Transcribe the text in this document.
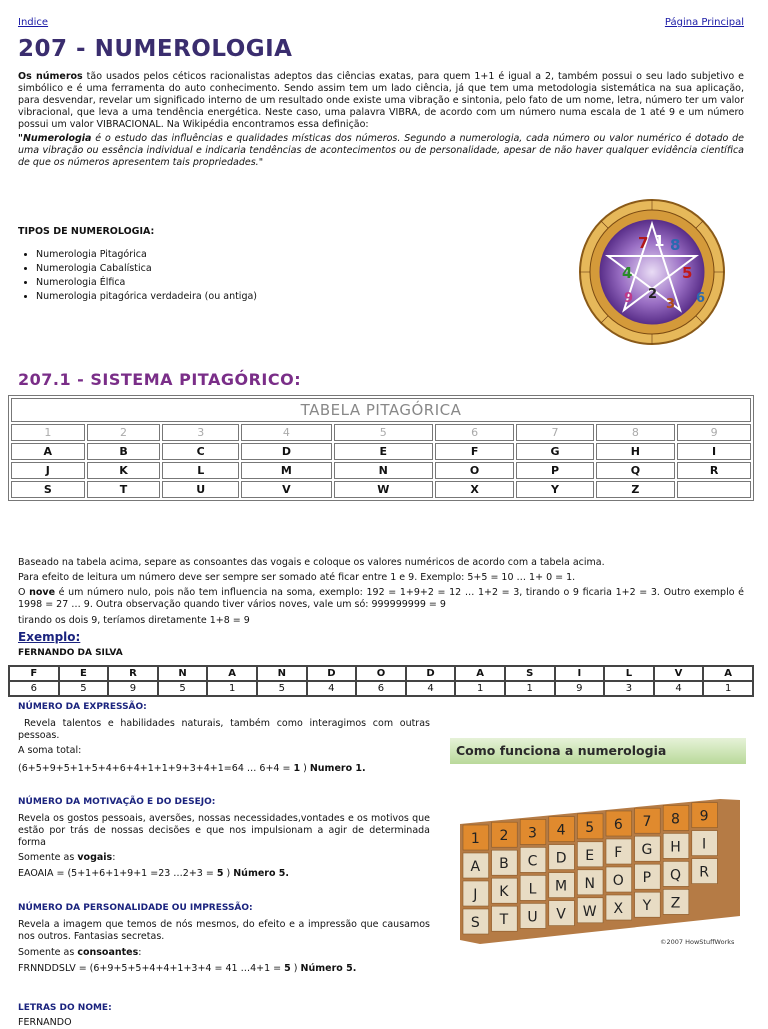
Indice	Página Principal
207 - NUMEROLOGIA
Os números tão usados pelos céticos racionalistas adeptos das ciências exatas, para quem 1+1 é igual a 2, também possui o seu lado subjetivo e simbólico e é uma ferramenta do auto conhecimento. Sendo assim tem um lado ciência, já que tem uma metodologia sistemática na sua aplicação, para desvendar, revelar um significado interno de um resultado onde existe uma vibração e sintonia, pelo fato de um nome, letra, número ter um valor vibracional, que leva a uma tendência energética. Neste caso, uma palavra VIBRA, de acordo com um número numa escala de 1 até 9 e um número possui um valor VIBRACIONAL. Na Wikipédia encontramos essa definição:
"Numerologia é o estudo das influências e qualidades místicas dos números. Segundo a numerologia, cada número ou valor numérico é dotado de uma vibração ou essência individual e indicaria tendências de acontecimentos ou de personalidade, apesar de não haver qualquer evidência científica de que os números apresentem tais propriedades."
TIPOS DE NUMEROLOGIA:
• Numerologia Pitagórica
• Numerologia Cabalística
• Numerologia Élfica
• Numerologia pitagórica verdadeira (ou antiga)
7 1 8
4	5
6
9 2
3
207.1 - SISTEMA PITAGÓRICO:
TABELA PITAGÓRICA								
1	2	3	4	5	6	7	8	9
A	B	C	D	E	F	G	H	I
J	K	L	M	N	O	P	Q	R
S	T	U	V	W	X	Y	Z	
Baseado na tabela acima, separe as consoantes das vogais e coloque os valores numéricos de acordo com a tabela acima.
Para efeito de leitura um número deve ser sempre ser somado até ficar entre 1 e 9. Exemplo: 5+5 = 10 … 1+ 0 = 1.
O nove é um número nulo, pois não tem influencia na soma, exemplo: 192 = 1+9+2 = 12 … 1+2 = 3, tirando o 9 ficaria 1+2 = 3. Outro exemplo é 1998 = 27 … 9. Outra observação quando tiver vários noves, vale um só: 999999999 = 9
tirando os dois 9, teríamos diretamente 1+8 = 9
Exemplo:
FERNANDO DA SILVA
F	E	R	N	A	N	D	O	D	A	S	I	L	V	A
6	5	9	5	1	5	4	6	4	1	1	9	3	4	1
NÚMERO DA EXPRESSÃO:
Revela talentos e habilidades naturais, também como interagimos com outras pessoas.
A soma total:
(6+5+9+5+1+5+4+6+4+1+1+9+3+4+1=64 … 6+4 = 1 ) Numero 1.
NÚMERO DA MOTIVAÇÃO E DO DESEJO:
Revela os gostos pessoais, aversões, nossas necessidades,vontades e os motivos que estão por trás de nossas decisões e que nos impulsionam a agir de determinada forma
Somente as vogais:
EAOAIA = (5+1+6+1+9+1 =23 …2+3 = 5 ) Número 5.
NÚMERO DA PERSONALIDADE OU IMPRESSÃO:
Revela a imagem que temos de nós mesmos, do efeito e a impressão que causamos nos outros. Fantasias secretas.
Somente as consoantes:
FRNNDDSLV = (6+9+5+5+4+4+1+3+4 = 41 …4+1 = 5 ) Número 5.
LETRAS DO NOME:
FERNANDO
Como funciona a numerologia
1 2 3 4 5 6 7 8 9
A B C D E F G H I
J K L M N O P Q R
S T U V W X Y Z
©2007 HowStuffWorks
